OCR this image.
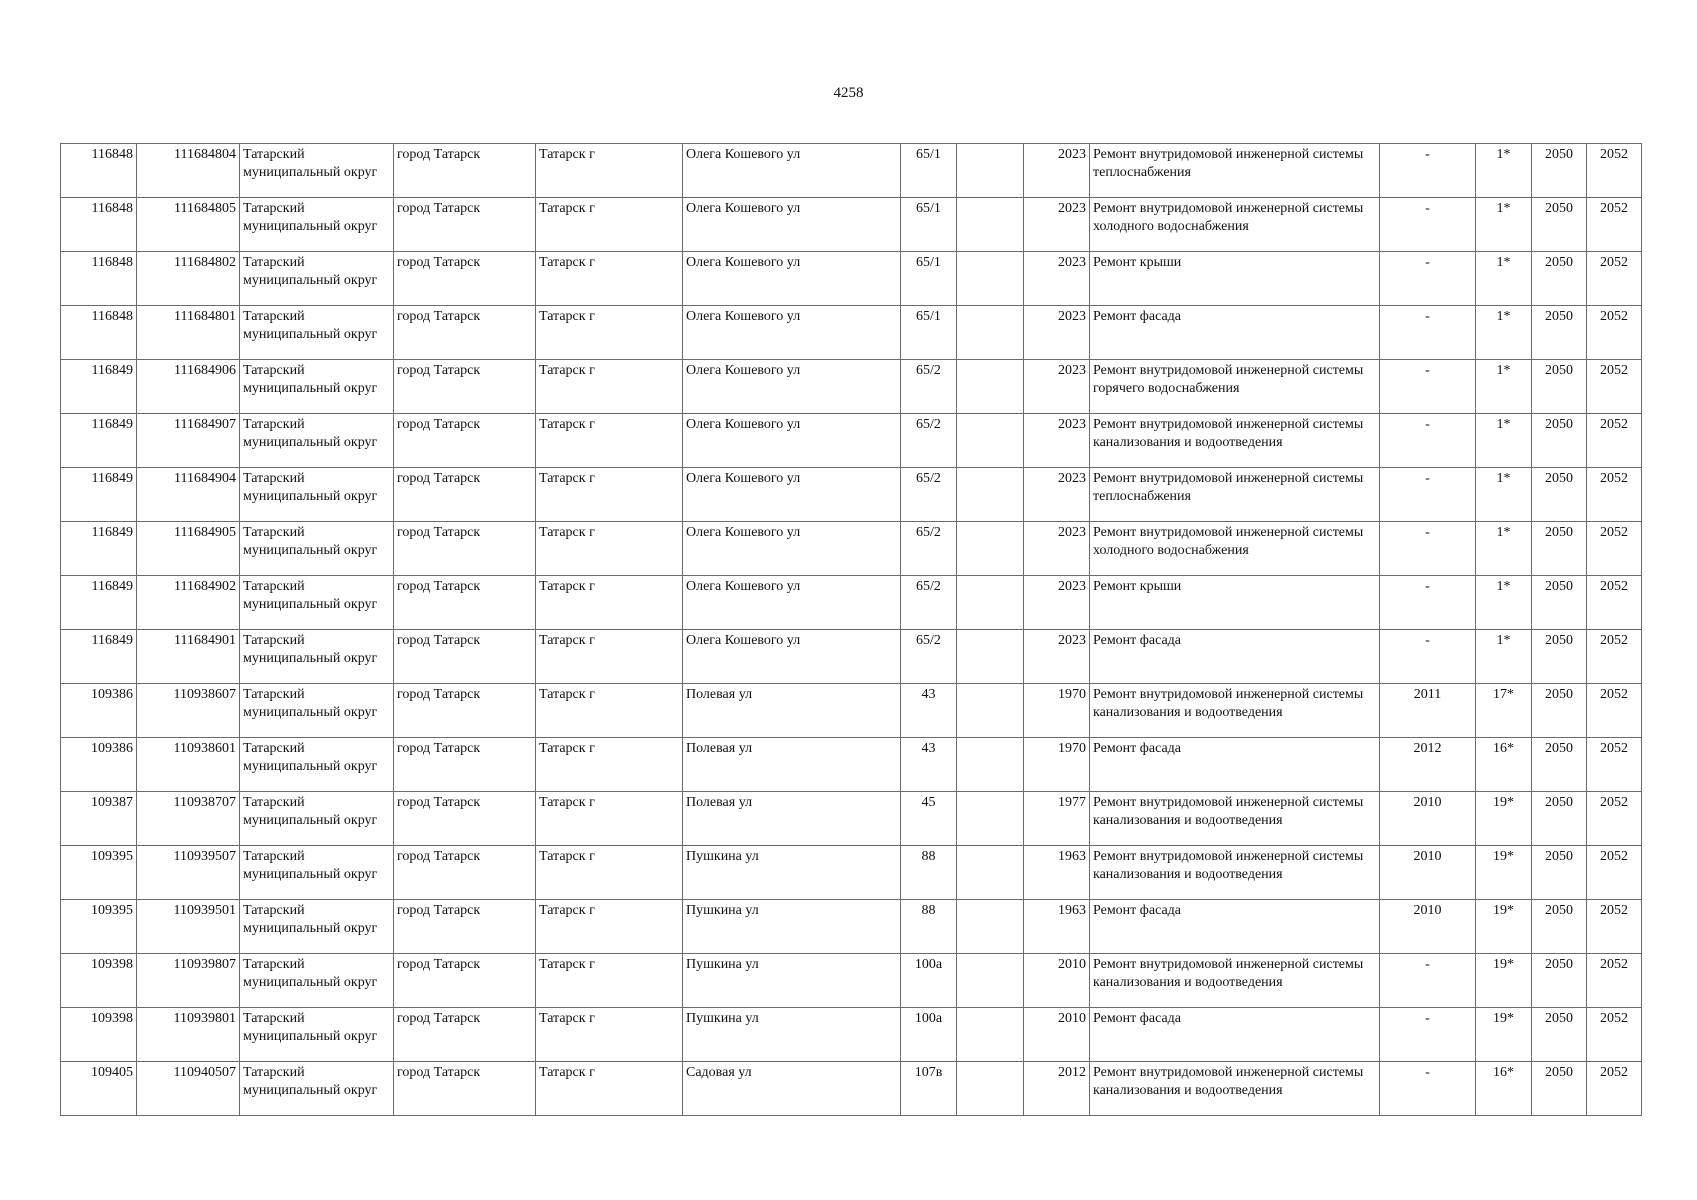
4258
116848	111684804	Татарский муниципальный округ	город Татарск	Татарск г	Олега Кошевого ул	65/1		2023	Ремонт внутридомовой инженерной системы теплоснабжения	-	1*	2050	2052
116848	111684805	Татарский муниципальный округ	город Татарск	Татарск г	Олега Кошевого ул	65/1		2023	Ремонт внутридомовой инженерной системы холодного водоснабжения	-	1*	2050	2052
116848	111684802	Татарский муниципальный округ	город Татарск	Татарск г	Олега Кошевого ул	65/1		2023	Ремонт крыши	-	1*	2050	2052
116848	111684801	Татарский муниципальный округ	город Татарск	Татарск г	Олега Кошевого ул	65/1		2023	Ремонт фасада	-	1*	2050	2052
116849	111684906	Татарский муниципальный округ	город Татарск	Татарск г	Олега Кошевого ул	65/2		2023	Ремонт внутридомовой инженерной системы горячего водоснабжения	-	1*	2050	2052
116849	111684907	Татарский муниципальный округ	город Татарск	Татарск г	Олега Кошевого ул	65/2		2023	Ремонт внутридомовой инженерной системы канализования и водоотведения	-	1*	2050	2052
116849	111684904	Татарский муниципальный округ	город Татарск	Татарск г	Олега Кошевого ул	65/2		2023	Ремонт внутридомовой инженерной системы теплоснабжения	-	1*	2050	2052
116849	111684905	Татарский муниципальный округ	город Татарск	Татарск г	Олега Кошевого ул	65/2		2023	Ремонт внутридомовой инженерной системы холодного водоснабжения	-	1*	2050	2052
116849	111684902	Татарский муниципальный округ	город Татарск	Татарск г	Олега Кошевого ул	65/2		2023	Ремонт крыши	-	1*	2050	2052
116849	111684901	Татарский муниципальный округ	город Татарск	Татарск г	Олега Кошевого ул	65/2		2023	Ремонт фасада	-	1*	2050	2052
109386	110938607	Татарский муниципальный округ	город Татарск	Татарск г	Полевая ул	43		1970	Ремонт внутридомовой инженерной системы канализования и водоотведения	2011	17*	2050	2052
109386	110938601	Татарский муниципальный округ	город Татарск	Татарск г	Полевая ул	43		1970	Ремонт фасада	2012	16*	2050	2052
109387	110938707	Татарский муниципальный округ	город Татарск	Татарск г	Полевая ул	45		1977	Ремонт внутридомовой инженерной системы канализования и водоотведения	2010	19*	2050	2052
109395	110939507	Татарский муниципальный округ	город Татарск	Татарск г	Пушкина ул	88		1963	Ремонт внутридомовой инженерной системы канализования и водоотведения	2010	19*	2050	2052
109395	110939501	Татарский муниципальный округ	город Татарск	Татарск г	Пушкина ул	88		1963	Ремонт фасада	2010	19*	2050	2052
109398	110939807	Татарский муниципальный округ	город Татарск	Татарск г	Пушкина ул	100а		2010	Ремонт внутридомовой инженерной системы канализования и водоотведения	-	19*	2050	2052
109398	110939801	Татарский муниципальный округ	город Татарск	Татарск г	Пушкина ул	100а		2010	Ремонт фасада	-	19*	2050	2052
109405	110940507	Татарский муниципальный округ	город Татарск	Татарск г	Садовая ул	107в		2012	Ремонт внутридомовой инженерной системы канализования и водоотведения	-	16*	2050	2052
